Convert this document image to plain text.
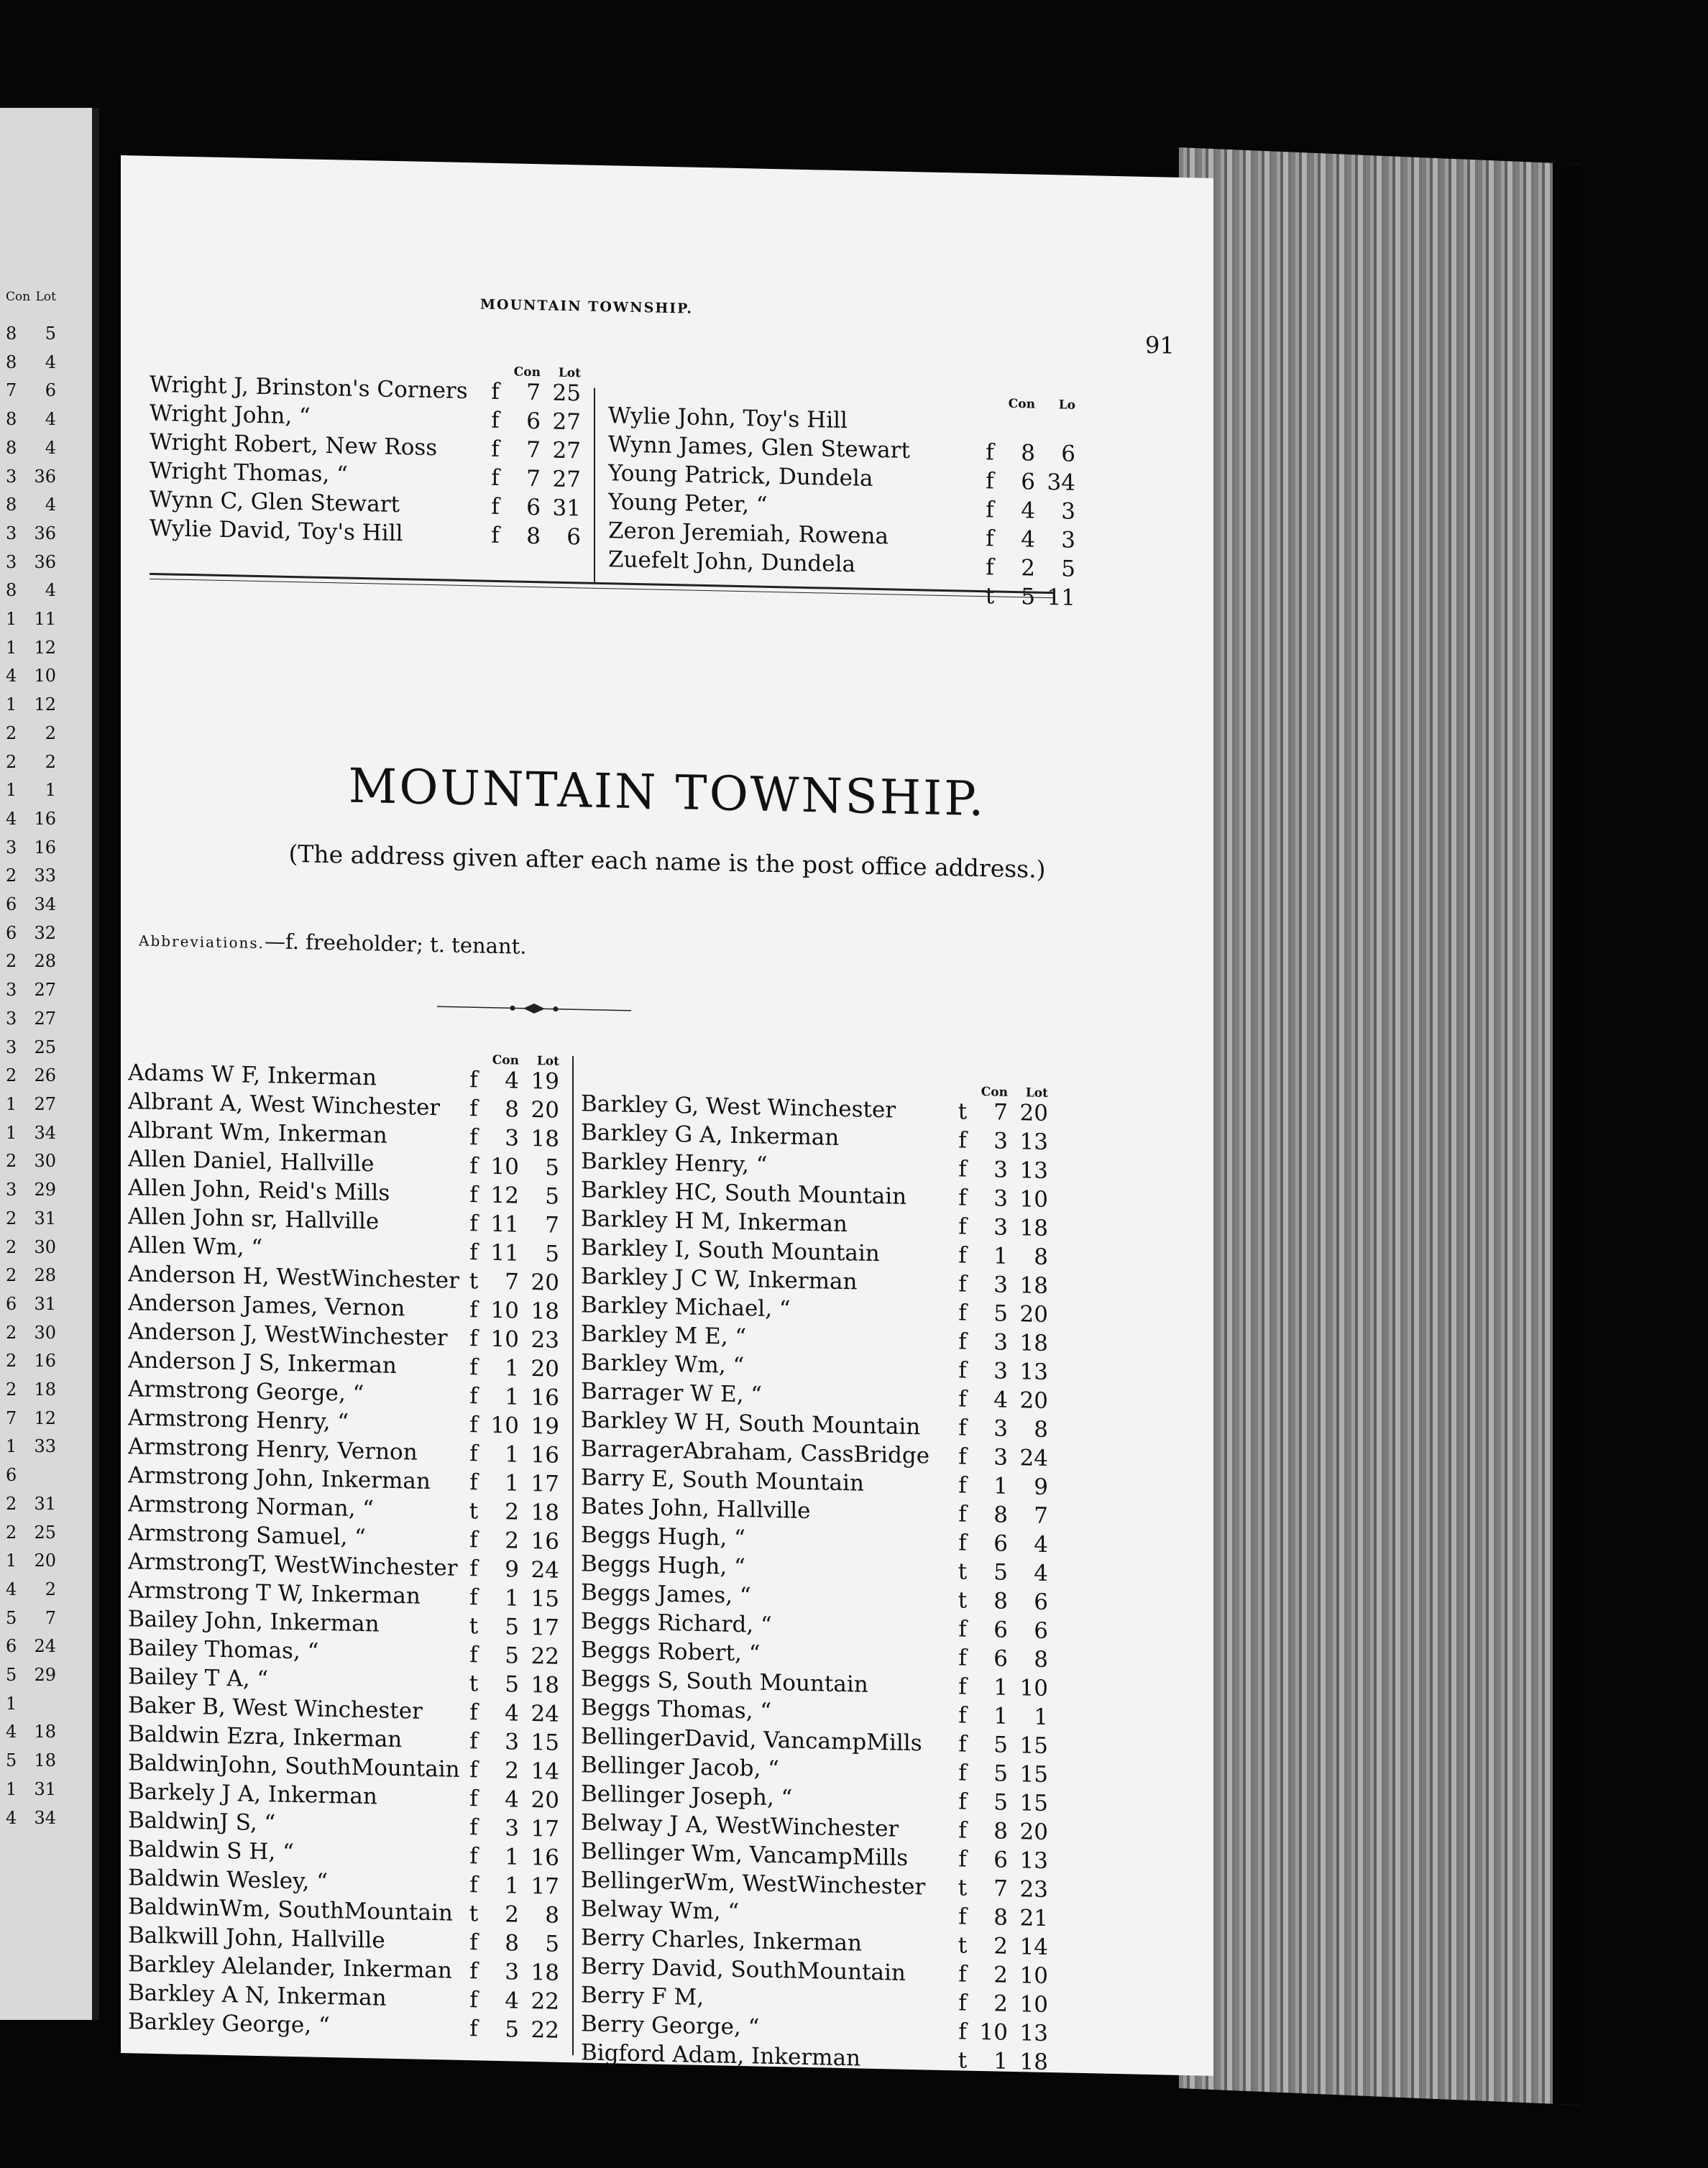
Con Lot
8 5
8 4
7 6
8 4
8 4
3 36
8 4
3 36
3 36
8 4
1 11
1 12
4 10
1 12
2 2
2 2
1 1
4 16
3 16
2 33
6 34
6 32
2 28
3 27
3 27
3 25
2 26
1 27
1 34
2 30
3 29
2 31
2 30
2 28
6 31
2 30
2 16
2 18
7 12
1 33
6
2 31
2 25
1 20
4 2
5 7
6 24
5 29
1
4 18
5 18
1 31
4 34
MOUNTAIN TOWNSHIP.
91
Con	Lot
Wright J, Brinston's Corners	f	7 25
Wright John, “	f	6 27
Wright Robert, New Ross	f	7 27
Wright Thomas, “	f	7 27
Wynn C, Glen Stewart	f	6 31
Wylie David, Toy's Hill	f	8	6
Con	Lo
Wylie John, Toy's Hill
Wynn James, Glen Stewart	f	8	6
Young Patrick, Dundela	f	6 34
Young Peter, “	f	4	3
Zeron Jeremiah, Rowena	f	4	3
Zuefelt John, Dundela	f	2	5
t	5 11
MOUNTAIN TOWNSHIP.
(The address given after each name is the post office address.)
Abbreviations.—f. freeholder; t. tenant.
Con	Lot
Adams W F, Inkerman	f	4 19
Albrant A, West Winchester	f	8 20
Albrant Wm, Inkerman	f	3 18
Allen Daniel, Hallville	f 10	5
Allen John, Reid's Mills	f 12	5
Allen John sr, Hallville	f 11	7
Allen Wm, “	f 11	5
Anderson H, WestWinchester t	7 20
Anderson James, Vernon	f 10 18
Anderson J, WestWinchester f 10 23
Anderson J S, Inkerman	f	1 20
Armstrong George, “	f	1 16
Armstrong Henry, “	f 10 19
Armstrong Henry, Vernon	f	1 16
Armstrong John, Inkerman	f	1 17
Armstrong Norman, “	t	2 18
Armstrong Samuel, “	f	2 16
ArmstrongT, WestWinchester f	9 24
Armstrong T W, Inkerman	f	1 15
Bailey John, Inkerman	t	5 17
Bailey Thomas, “	f	5 22
Bailey T A, “	t	5 18
Baker B, West Winchester	f	4 24
Baldwin Ezra, Inkerman	f	3 15
BaldwinJohn, SouthMountain f	2 14
Barkely J A, Inkerman	f	4 20
BaldwinJ S, “	f	3 17
Baldwin S H, “	f	1 16
Baldwin Wesley, “	f	1 17
BaldwinWm, SouthMountain t	2	8
Balkwill John, Hallville	f	8	5
Barkley Alelander, Inkerman f	3 18
Barkley A N, Inkerman	f	4 22
Barkley George, “	f	5 22
Con	Lot
Barkley G, West Winchester	t	7 20
Barkley G A, Inkerman	f	3 13
Barkley Henry, “	f	3 13
Barkley HC, South Mountain	f	3 10
Barkley H M, Inkerman	f	3 18
Barkley I, South Mountain	f	1	8
Barkley J C W, Inkerman	f	3 18
Barkley Michael, “	f	5 20
Barkley M E, “	f	3 18
Barkley Wm, “	f	3 13
Barrager W E, “	f	4 20
Barkley W H, South Mountain	f	3	8
BarragerAbraham, CassBridge	f	3 24
Barry E, South Mountain	f	1	9
Bates John, Hallville	f	8	7
Beggs Hugh, “	f	6	4
Beggs Hugh, “	t	5	4
Beggs James, “	t	8	6
Beggs Richard, “	f	6	6
Beggs Robert, “	f	6	8
Beggs S, South Mountain	f	1 10
Beggs Thomas, “	f	1	1
BellingerDavid, VancampMills	f	5 15
Bellinger Jacob, “	f	5 15
Bellinger Joseph, “	f	5 15
Belway J A, WestWinchester	f	8 20
Bellinger Wm, VancampMills	f	6 13
BellingerWm, WestWinchester	t	7 23
Belway Wm, “	f	8 21
Berry Charles, Inkerman	t	2 14
Berry David, SouthMountain	f	2 10
Berry F M,	f	2 10
Berry George, “	f 10 13
Bigford Adam, Inkerman	t	1 18
